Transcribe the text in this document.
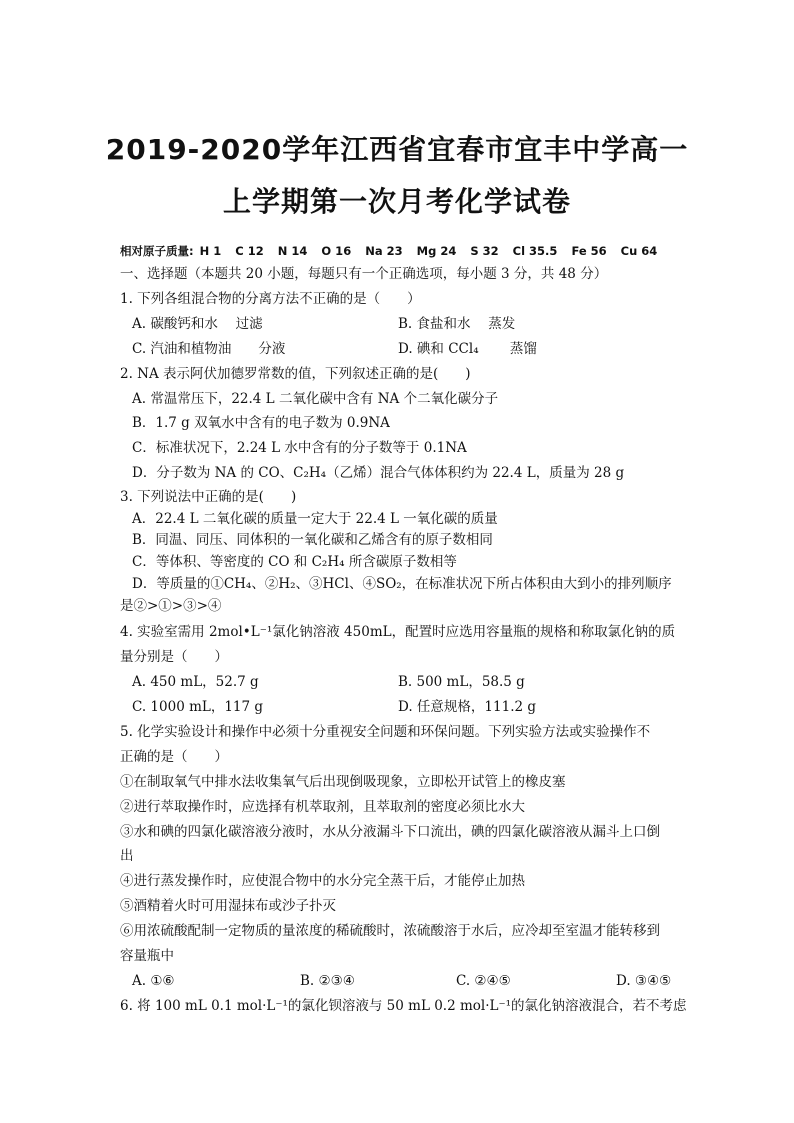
2019-2020学年江西省宜春市宜丰中学高一
上学期第一次月考化学试卷
相对原子质量: H 1 C 12 N 14 O 16 Na 23 Mg 24 S 32 Cl 35.5 Fe 56 Cu 64
一、选择题（本题共 20 小题，每题只有一个正确选项，每小题 3 分，共 48 分）
1. 下列各组混合物的分离方法不正确的是（　　）
A. 碳酸钙和水　 过滤	B. 食盐和水　 蒸发
C. 汽油和植物油　　分液	D. 碘和 CCl₄　　 蒸馏
2. NA 表示阿伏加德罗常数的值，下列叙述正确的是(　　)
A. 常温常压下，22.4 L 二氧化碳中含有 NA 个二氧化碳分子
B．1.7 g 双氧水中含有的电子数为 0.9NA
C．标准状况下，2.24 L 水中含有的分子数等于 0.1NA
D．分子数为 NA 的 CO、C₂H₄（乙烯）混合气体体积约为 22.4 L，质量为 28 g
3. 下列说法中正确的是(　　)
A．22.4 L 二氧化碳的质量一定大于 22.4 L 一氧化碳的质量
B．同温、同压、同体积的一氧化碳和乙烯含有的原子数相同
C．等体积、等密度的 CO 和 C₂H₄ 所含碳原子数相等
D．等质量的①CH₄、②H₂、③HCl、④SO₂，在标准状况下所占体积由大到小的排列顺序
是②>①>③>④
4. 实验室需用 2mol•L⁻¹氯化钠溶液 450mL，配置时应选用容量瓶的规格和称取氯化钠的质
量分别是（　　）
A. 450 mL，52.7 g	B. 500 mL，58.5 g
C. 1000 mL，117 g	D. 任意规格，111.2 g
5. 化学实验设计和操作中必须十分重视安全问题和环保问题。下列实验方法或实验操作不
正确的是（　　）
①在制取氧气中排水法收集氧气后出现倒吸现象，立即松开试管上的橡皮塞
②进行萃取操作时，应选择有机萃取剂，且萃取剂的密度必须比水大
③水和碘的四氯化碳溶液分液时，水从分液漏斗下口流出，碘的四氯化碳溶液从漏斗上口倒
出
④进行蒸发操作时，应使混合物中的水分完全蒸干后，才能停止加热
⑤酒精着火时可用湿抹布或沙子扑灭
⑥用浓硫酸配制一定物质的量浓度的稀硫酸时，浓硫酸溶于水后，应冷却至室温才能转移到
容量瓶中
A. ①⑥	B. ②③④	C. ②④⑤	D. ③④⑤
6. 将 100 mL 0.1 mol·L⁻¹的氯化钡溶液与 50 mL 0.2 mol·L⁻¹的氯化钠溶液混合，若不考虑
